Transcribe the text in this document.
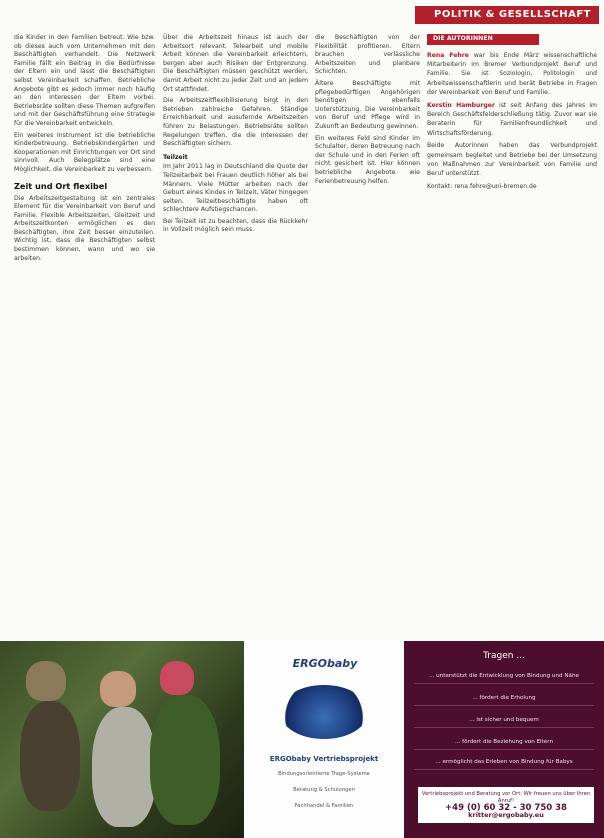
POLITIK & GESELLSCHAFT

die Kinder in den Familien betreut. Wie bzw. ob dieses auch vom Unternehmen mit den Beschäftigten verhandelt. Die Netzwerk Familie fällt ein Beitrag in die Bedürfnisse der Eltern ein und lässt die Beschäftigten selbst Vereinbarkeit schaffen. Betriebliche Angebote gibt es jedoch immer noch häufig an den Interessen der Eltern vorbei. Betriebsräte sollten diese Themen aufgreifen und mit der Geschäftsführung eine Strategie für die Vereinbarkeit entwickeln.

Ein weiteres Instrument ist die betriebliche Kinderbetreuung. Betriebskindergärten und Kooperationen mit Einrichtungen vor Ort sind sinnvoll. Auch Belegplätze sind eine Möglichkeit, die Vereinbarkeit zu verbessern.

Zeit und Ort flexibel

Die Arbeitszeitgestaltung ist ein zentrales Element für die Vereinbarkeit von Beruf und Familie. Flexible Arbeitszeiten, Gleitzeit und Arbeitszeitkonten ermöglichen es den Beschäftigten, ihre Zeit besser einzuteilen. Wichtig ist, dass die Beschäftigten selbst bestimmen können, wann und wo sie arbeiten.

Über die Arbeitszeit hinaus ist auch der Arbeitsort relevant. Telearbeit und mobile Arbeit können die Vereinbarkeit erleichtern, bergen aber auch Risiken der Entgrenzung. Die Beschäftigten müssen geschützt werden, damit Arbeit nicht zu jeder Zeit und an jedem Ort stattfindet.

Die Arbeitszeitflexibilisierung birgt in den Betrieben zahlreiche Gefahren. Ständige Erreichbarkeit und ausufernde Arbeitszeiten führen zu Belastungen. Betriebsräte sollten Regelungen treffen, die die Interessen der Beschäftigten sichern.

Teilzeit

Im Jahr 2011 lag in Deutschland die Quote der Teilzeitarbeit bei Frauen deutlich höher als bei Männern. Viele Mütter arbeiten nach der Geburt eines Kindes in Teilzeit, Väter hingegen selten. Teilzeitbeschäftigte haben oft schlechtere Aufstiegschancen.

Bei Teilzeit ist zu beachten, dass die Rückkehr in Vollzeit möglich sein muss.

die Beschäftigten von der Flexibilität profitieren. Eltern brauchen verlässliche Arbeitszeiten und planbare Schichten.

Ältere Beschäftigte mit pflegebedürftigen Angehörigen benötigen ebenfalls Unterstützung. Die Vereinbarkeit von Beruf und Pflege wird in Zukunft an Bedeutung gewinnen.

Ein weiteres Feld sind Kinder im Schulalter, deren Betreuung nach der Schule und in den Ferien oft nicht gesichert ist. Hier können betriebliche Angebote wie Ferienbetreuung helfen.

DIE AUTORINNEN

Rena Fehre war bis Ende März wissenschaftliche Mitarbeiterin im Bremer Verbundprojekt Beruf und Familie. Sie ist Soziologin, Politologin und Arbeitswissenschaftlerin und berät Betriebe in Fragen der Vereinbarkeit von Beruf und Familie.

Kerstin Hamburger ist seit Anfang des Jahres im Bereich Geschäftsfelderschließung tätig. Zuvor war sie Beraterin für Familienfreundlichkeit und Wirtschaftsförderung.

Beide Autorinnen haben das Verbundprojekt gemeinsam begleitet und Betriebe bei der Umsetzung von Maßnahmen zur Vereinbarkeit von Familie und Beruf unterstützt.

Kontakt: rena.fehre@uni-bremen.de

ERGObaby
ERGObaby Vertriebsprojekt
Bindungsorientierte Trage-Systeme
Beratung & Schulungen
Fachhandel & Familien
Tragen ...
... unterstützt die Entwicklung von Bindung und Nähe
... fördert die Erholung
... ist sicher und bequem
... fördert die Beziehung von Eltern
... ermöglicht das Erleben von Bindung für Babys
Vertriebsprojekt und Beratung vor Ort: Wir freuen uns über Ihren Anruf!
+49 (0) 60 32 - 30 750 38
kritter@ergobaby.eu
